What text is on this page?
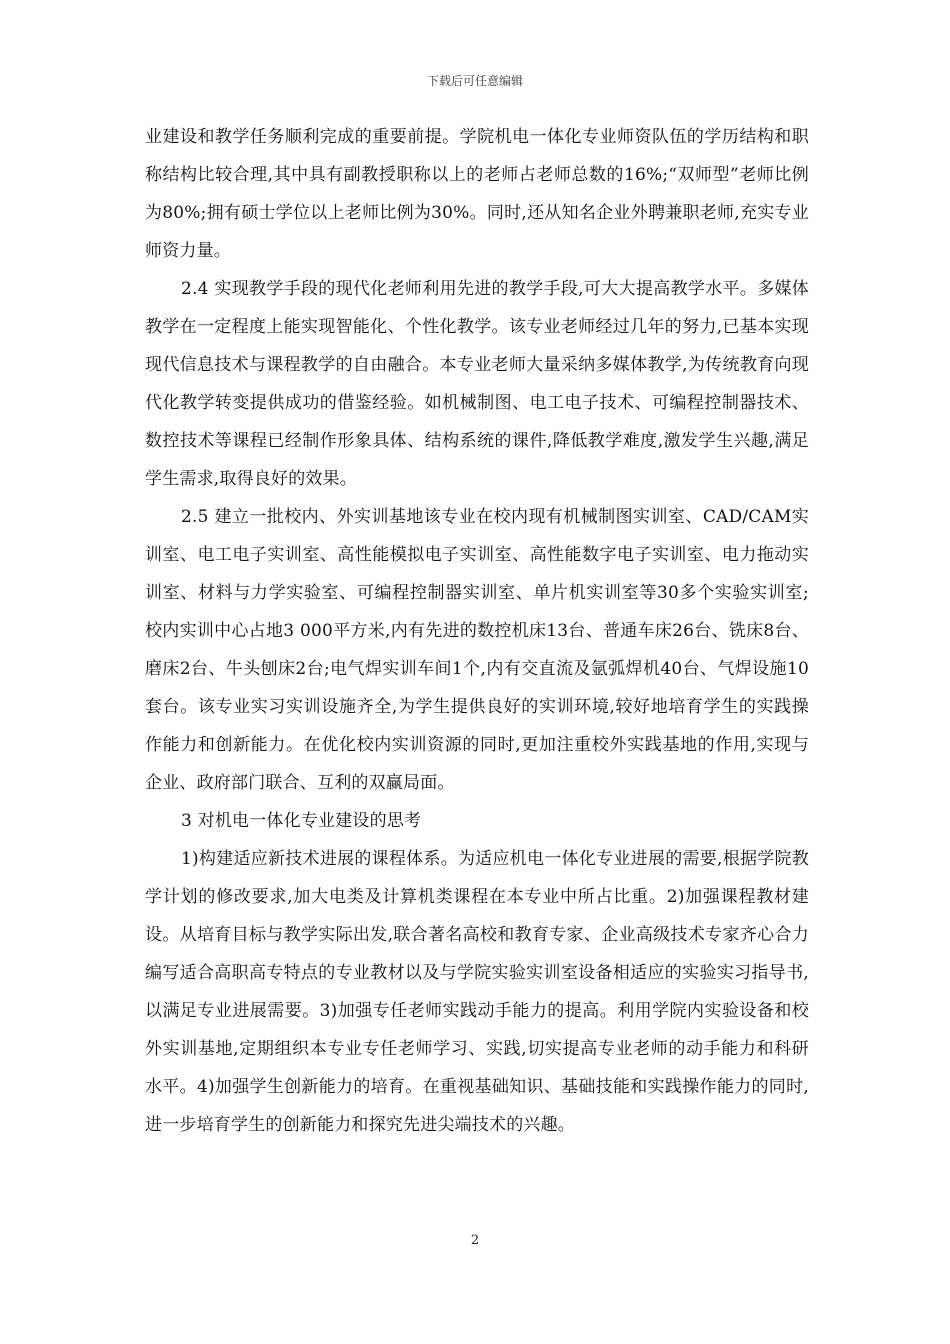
下载后可任意编辑

业建设和教学任务顺利完成的重要前提。学院机电一体化专业师资队伍的学历结构和职称结构比较合理,其中具有副教授职称以上的老师占老师总数的16%;“双师型”老师比例为80%;拥有硕士学位以上老师比例为30%。同时,还从知名企业外聘兼职老师,充实专业师资力量。

2.4 实现教学手段的现代化老师利用先进的教学手段,可大大提高教学水平。多媒体教学在一定程度上能实现智能化、个性化教学。该专业老师经过几年的努力,已基本实现现代信息技术与课程教学的自由融合。本专业老师大量采纳多媒体教学,为传统教育向现代化教学转变提供成功的借鉴经验。如机械制图、电工电子技术、可编程控制器技术、数控技术等课程已经制作形象具体、结构系统的课件,降低教学难度,激发学生兴趣,满足学生需求,取得良好的效果。

2.5 建立一批校内、外实训基地该专业在校内现有机械制图实训室、CAD/CAM实训室、电工电子实训室、高性能模拟电子实训室、高性能数字电子实训室、电力拖动实训室、材料与力学实验室、可编程控制器实训室、单片机实训室等30多个实验实训室;校内实训中心占地3 000平方米,内有先进的数控机床13台、普通车床26台、铣床8台、磨床2台、牛头刨床2台;电气焊实训车间1个,内有交直流及氩弧焊机40台、气焊设施10套台。该专业实习实训设施齐全,为学生提供良好的实训环境,较好地培育学生的实践操作能力和创新能力。在优化校内实训资源的同时,更加注重校外实践基地的作用,实现与企业、政府部门联合、互利的双赢局面。

3 对机电一体化专业建设的思考

1)构建适应新技术进展的课程体系。为适应机电一体化专业进展的需要,根据学院教学计划的修改要求,加大电类及计算机类课程在本专业中所占比重。2)加强课程教材建设。从培育目标与教学实际出发,联合著名高校和教育专家、企业高级技术专家齐心合力编写适合高职高专特点的专业教材以及与学院实验实训室设备相适应的实验实习指导书,以满足专业进展需要。3)加强专任老师实践动手能力的提高。利用学院内实验设备和校外实训基地,定期组织本专业专任老师学习、实践,切实提高专业老师的动手能力和科研水平。4)加强学生创新能力的培育。在重视基础知识、基础技能和实践操作能力的同时,进一步培育学生的创新能力和探究先进尖端技术的兴趣。

2
